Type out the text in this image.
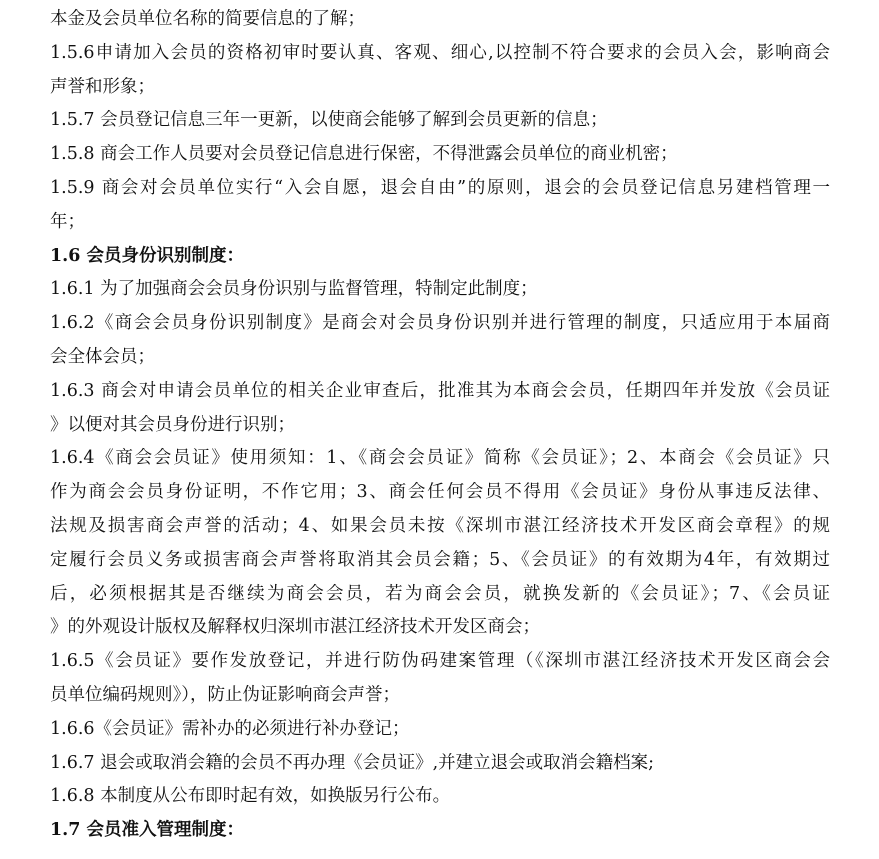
本金及会员单位名称的简要信息的了解；
1.5.6申请加入会员的资格初审时要认真、客观、细心,以控制不符合要求的会员入会，影响商会
声誉和形象；
1.5.7 会员登记信息三年一更新，以使商会能够了解到会员更新的信息；
1.5.8 商会工作人员要对会员登记信息进行保密，不得泄露会员单位的商业机密；
1.5.9 商会对会员单位实行“入会自愿，退会自由”的原则，退会的会员登记信息另建档管理一
年；
1.6 会员身份识别制度：
1.6.1 为了加强商会会员身份识别与监督管理，特制定此制度；
1.6.2《商会会员身份识别制度》是商会对会员身份识别并进行管理的制度，只适应用于本届商
会全体会员；
1.6.3 商会对申请会员单位的相关企业审查后，批准其为本商会会员，任期四年并发放《会员证
》以便对其会员身份进行识别；
1.6.4《商会会员证》使用须知：1、《商会会员证》简称《会员证》；2、本商会《会员证》只
作为商会会员身份证明，不作它用；3、商会任何会员不得用《会员证》身份从事违反法律、
法规及损害商会声誉的活动；4、如果会员未按《深圳市湛江经济技术开发区商会章程》的规
定履行会员义务或损害商会声誉将取消其会员会籍；5、《会员证》的有效期为4年，有效期过
后，必须根据其是否继续为商会会员，若为商会会员，就换发新的《会员证》；7、《会员证
》的外观设计版权及解释权归深圳市湛江经济技术开发区商会；
1.6.5《会员证》要作发放登记，并进行防伪码建案管理（《深圳市湛江经济技术开发区商会会
员单位编码规则》），防止伪证影响商会声誉；
1.6.6《会员证》需补办的必须进行补办登记；
1.6.7 退会或取消会籍的会员不再办理《会员证》,并建立退会或取消会籍档案;
1.6.8 本制度从公布即时起有效，如换版另行公布。
1.7 会员准入管理制度：
